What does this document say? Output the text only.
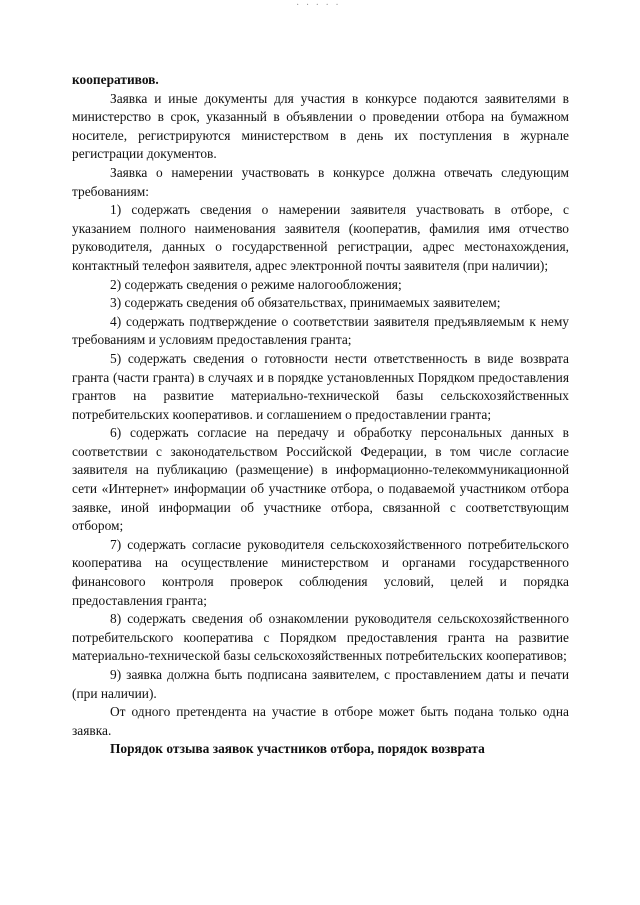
· · · · ·

кооперативов.

Заявка и иные документы для участия в конкурсе подаются заявителями в министерство в срок, указанный в объявлении о проведении отбора на бумажном носителе, регистрируются министерством в день их поступления в журнале регистрации документов.

Заявка о намерении участвовать в конкурсе должна отвечать следующим требованиям:

1) содержать сведения о намерении заявителя участвовать в отборе, с указанием полного наименования заявителя (кооператив, фамилия имя отчество руководителя, данных о государственной регистрации, адрес местонахождения, контактный телефон заявителя, адрес электронной почты заявителя (при наличии);

2) содержать сведения о режиме налогообложения;

3) содержать сведения об обязательствах, принимаемых заявителем;

4) содержать подтверждение о соответствии заявителя предъявляемым к нему требованиям и условиям предоставления гранта;

5) содержать сведения о готовности нести ответственность в виде возврата гранта (части гранта) в случаях и в порядке установленных Порядком предоставления грантов на развитие материально-технической базы сельскохозяйственных потребительских кооперативов. и соглашением о предоставлении гранта;

6) содержать согласие на передачу и обработку персональных данных в соответствии с законодательством Российской Федерации, в том числе согласие заявителя на публикацию (размещение) в информационно-телекоммуникационной сети «Интернет» информации об участнике отбора, о подаваемой участником отбора заявке, иной информации об участнике отбора, связанной с соответствующим отбором;

7) содержать согласие руководителя сельскохозяйственного потребительского кооператива на осуществление министерством и органами государственного финансового контроля проверок соблюдения условий, целей и порядка предоставления гранта;

8) содержать сведения об ознакомлении руководителя сельскохозяйственного потребительского кооператива с Порядком предоставления гранта на развитие материально-технической базы сельскохозяйственных потребительских кооперативов;

9) заявка должна быть подписана заявителем, с проставлением даты и печати (при наличии).

От одного претендента на участие в отборе может быть подана только одна заявка.

Порядок отзыва заявок участников отбора, порядок возврата
